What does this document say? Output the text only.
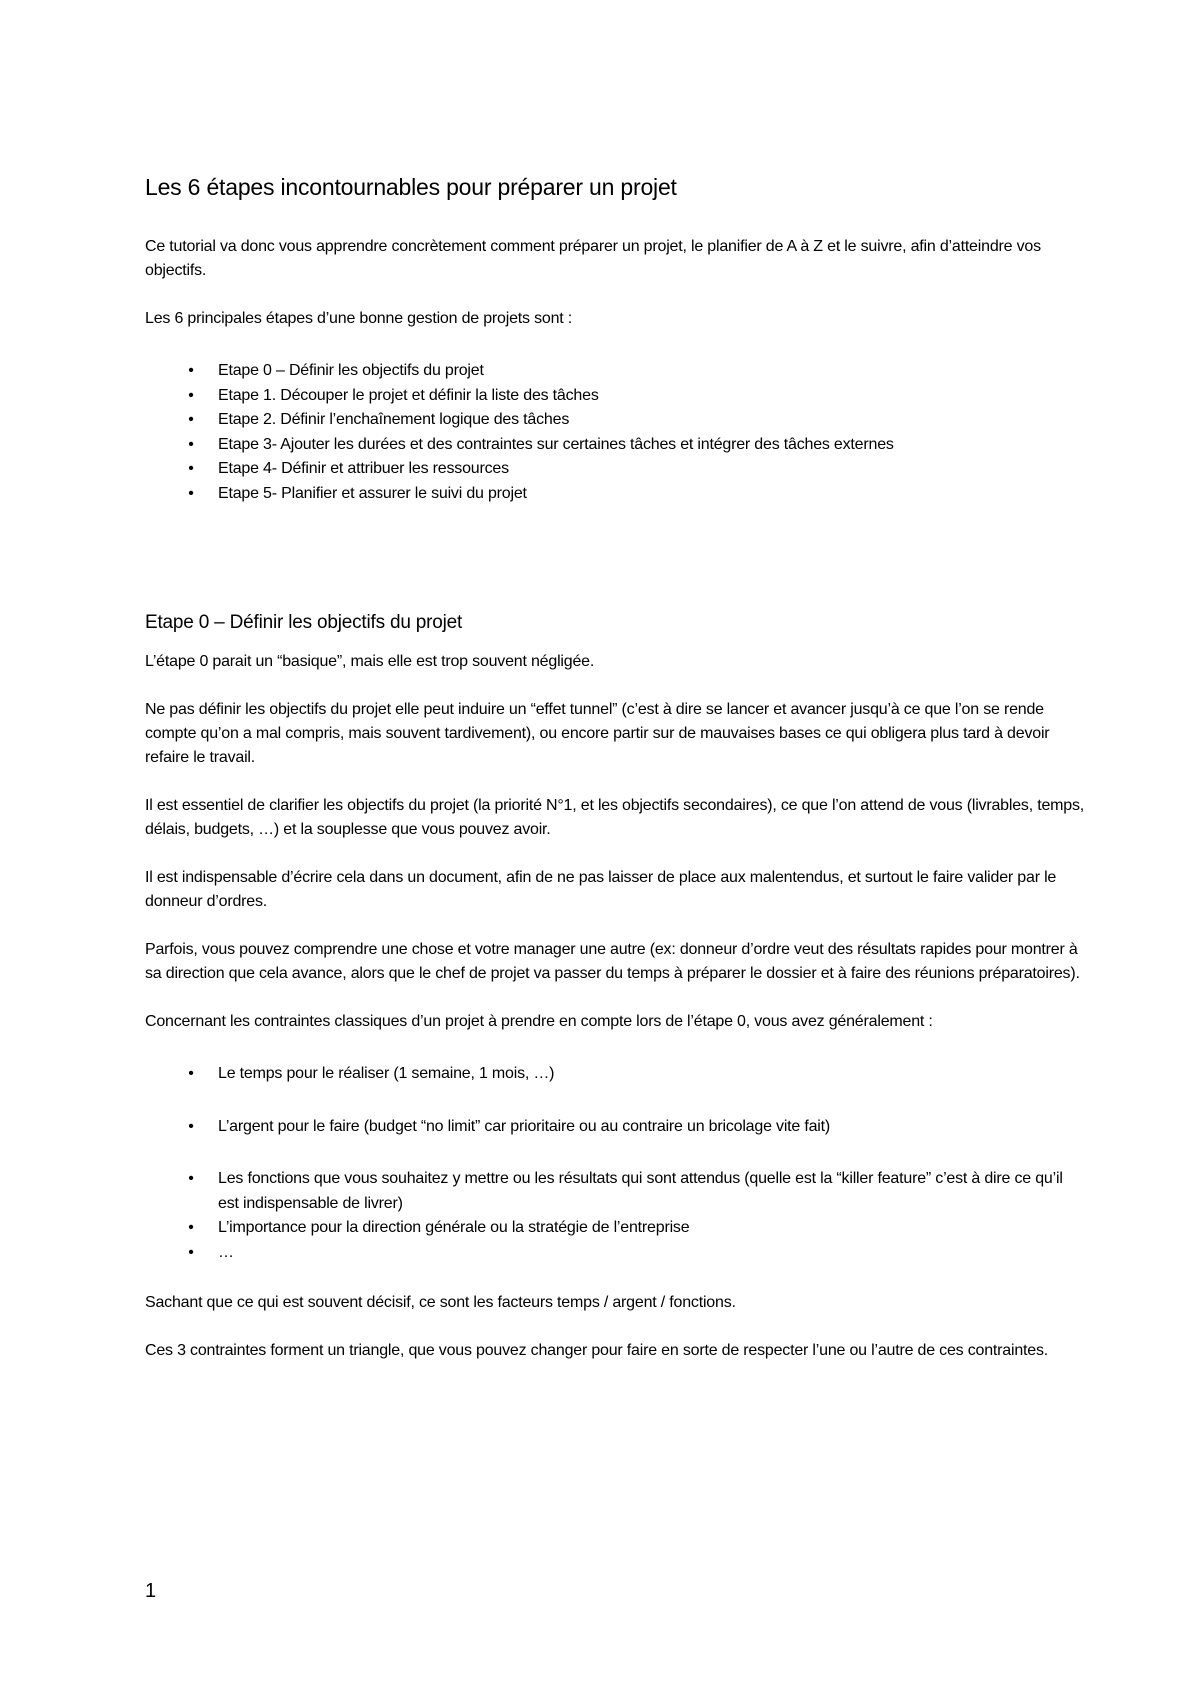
Les 6 étapes incontournables pour préparer un projet

Ce tutorial va donc vous apprendre concrètement comment préparer un projet, le planifier de A à Z et le suivre, afin d’atteindre vos objectifs.

Les 6 principales étapes d’une bonne gestion de projets sont :

• Etape 0 – Définir les objectifs du projet
• Etape 1. Découper le projet et définir la liste des tâches
• Etape 2. Définir l’enchaînement logique des tâches
• Etape 3- Ajouter les durées et des contraintes sur certaines tâches et intégrer des tâches externes
• Etape 4- Définir et attribuer les ressources
• Etape 5- Planifier et assurer le suivi du projet
Etape 0 – Définir les objectifs du projet

L’étape 0 parait un “basique”, mais elle est trop souvent négligée.

Ne pas définir les objectifs du projet elle peut induire un “effet tunnel” (c’est à dire se lancer et avancer jusqu’à ce que l’on se rende compte qu’on a mal compris, mais souvent tardivement), ou encore partir sur de mauvaises bases ce qui obligera plus tard à devoir refaire le travail.

Il est essentiel de clarifier les objectifs du projet (la priorité N°1, et les objectifs secondaires), ce que l’on attend de vous (livrables, temps, délais, budgets, …) et la souplesse que vous pouvez avoir.

Il est indispensable d’écrire cela dans un document, afin de ne pas laisser de place aux malentendus, et surtout le faire valider par le donneur d’ordres.

Parfois, vous pouvez comprendre une chose et votre manager une autre (ex: donneur d’ordre veut des résultats rapides pour montrer à sa direction que cela avance, alors que le chef de projet va passer du temps à préparer le dossier et à faire des réunions préparatoires).

Concernant les contraintes classiques d’un projet à prendre en compte lors de l’étape 0, vous avez généralement :

• Le temps pour le réaliser (1 semaine, 1 mois, …)
• L’argent pour le faire (budget “no limit” car prioritaire ou au contraire un bricolage vite fait)
• Les fonctions que vous souhaitez y mettre ou les résultats qui sont attendus (quelle est la “killer feature” c’est à dire ce qu’il est indispensable de livrer)
• L’importance pour la direction générale ou la stratégie de l’entreprise
• …

Sachant que ce qui est souvent décisif, ce sont les facteurs temps / argent / fonctions.

Ces 3 contraintes forment un triangle, que vous pouvez changer pour faire en sorte de respecter l’une ou l’autre de ces contraintes.

1
